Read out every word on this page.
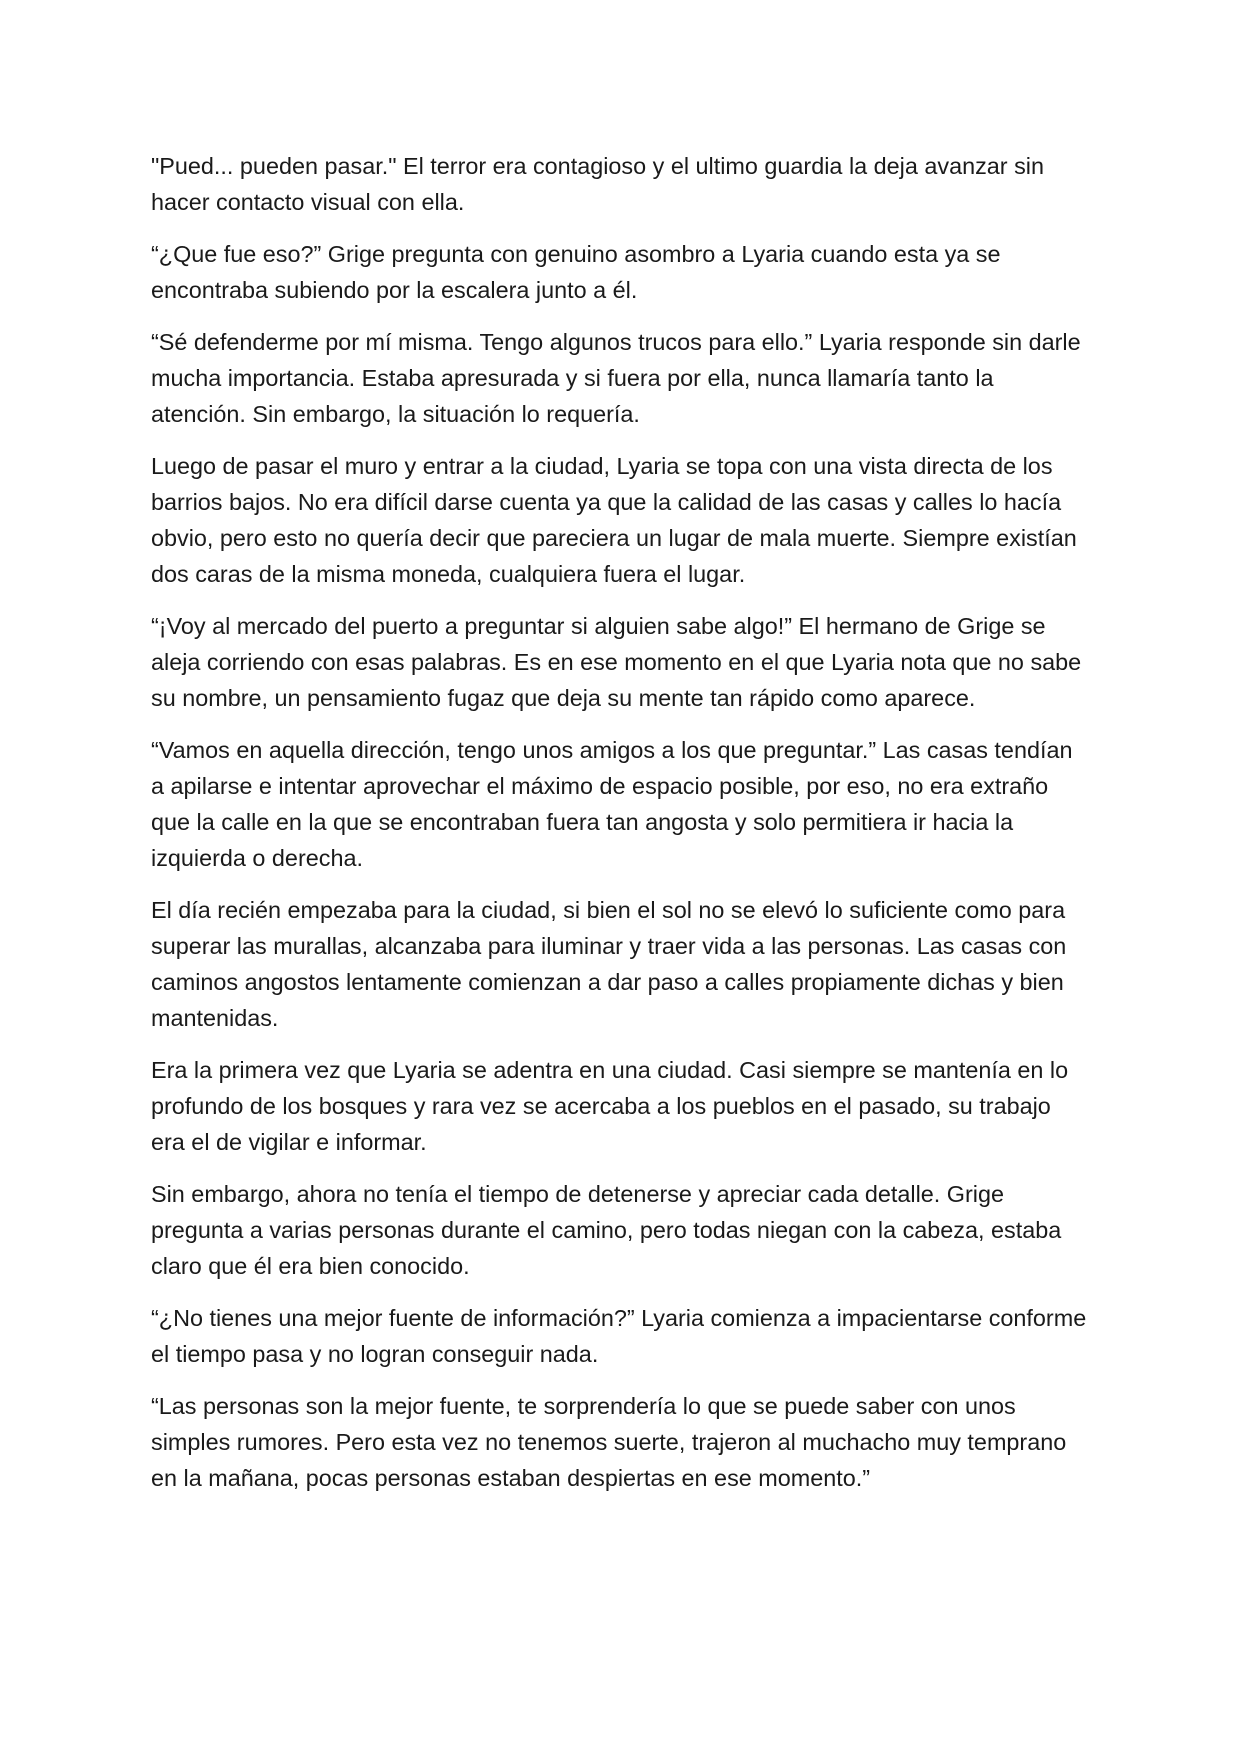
"Pued... pueden pasar." El terror era contagioso y el ultimo guardia la deja avanzar sin hacer contacto visual con ella.

“¿Que fue eso?” Grige pregunta con genuino asombro a Lyaria cuando esta ya se encontraba subiendo por la escalera junto a él.

“Sé defenderme por mí misma. Tengo algunos trucos para ello.” Lyaria responde sin darle mucha importancia. Estaba apresurada y si fuera por ella, nunca llamaría tanto la atención. Sin embargo, la situación lo requería.

Luego de pasar el muro y entrar a la ciudad, Lyaria se topa con una vista directa de los barrios bajos. No era difícil darse cuenta ya que la calidad de las casas y calles lo hacía obvio, pero esto no quería decir que pareciera un lugar de mala muerte. Siempre existían dos caras de la misma moneda, cualquiera fuera el lugar.

“¡Voy al mercado del puerto a preguntar si alguien sabe algo!” El hermano de Grige se aleja corriendo con esas palabras. Es en ese momento en el que Lyaria nota que no sabe su nombre, un pensamiento fugaz que deja su mente tan rápido como aparece.

“Vamos en aquella dirección, tengo unos amigos a los que preguntar.” Las casas tendían a apilarse e intentar aprovechar el máximo de espacio posible, por eso, no era extraño que la calle en la que se encontraban fuera tan angosta y solo permitiera ir hacia la izquierda o derecha.

El día recién empezaba para la ciudad, si bien el sol no se elevó lo suficiente como para superar las murallas, alcanzaba para iluminar y traer vida a las personas. Las casas con caminos angostos lentamente comienzan a dar paso a calles propiamente dichas y bien mantenidas.

Era la primera vez que Lyaria se adentra en una ciudad. Casi siempre se mantenía en lo profundo de los bosques y rara vez se acercaba a los pueblos en el pasado, su trabajo era el de vigilar e informar.

Sin embargo, ahora no tenía el tiempo de detenerse y apreciar cada detalle. Grige pregunta a varias personas durante el camino, pero todas niegan con la cabeza, estaba claro que él era bien conocido.

“¿No tienes una mejor fuente de información?” Lyaria comienza a impacientarse conforme el tiempo pasa y no logran conseguir nada.

“Las personas son la mejor fuente, te sorprendería lo que se puede saber con unos simples rumores. Pero esta vez no tenemos suerte, trajeron al muchacho muy temprano en la mañana, pocas personas estaban despiertas en ese momento.”
